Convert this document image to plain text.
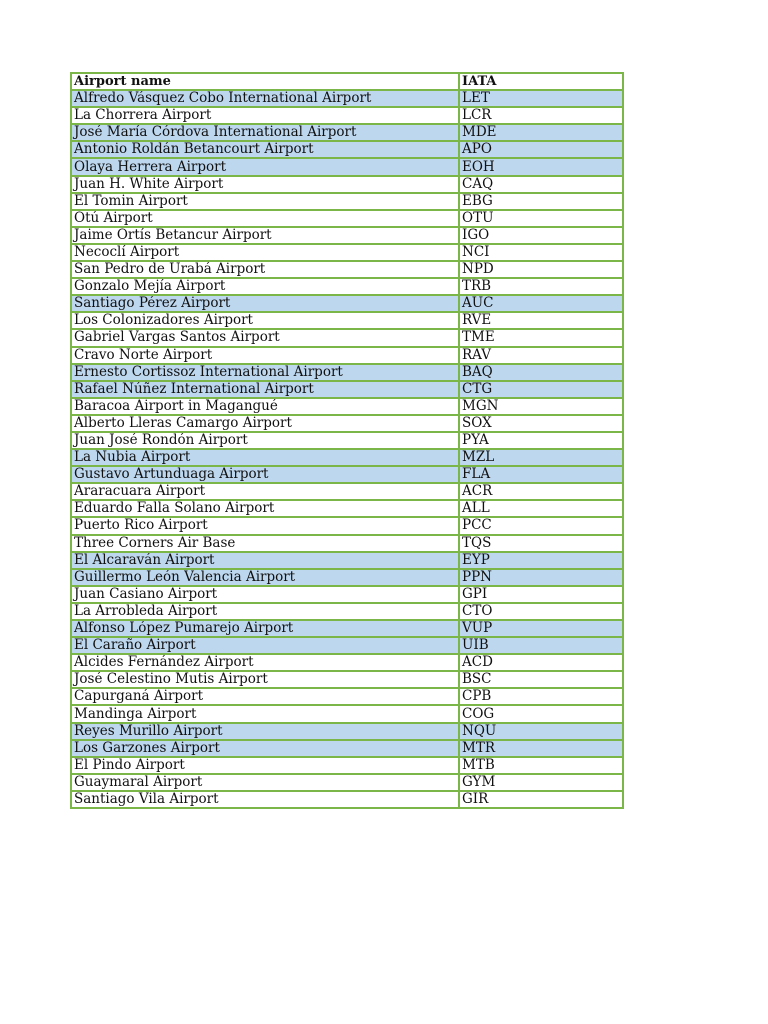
Airport name	IATA
Alfredo Vásquez Cobo International Airport	LET
La Chorrera Airport	LCR
José María Córdova International Airport	MDE
Antonio Roldán Betancourt Airport	APO
Olaya Herrera Airport	EOH
Juan H. White Airport	CAQ
El Tomin Airport	EBG
Otú Airport	OTU
Jaime Ortís Betancur Airport	IGO
Necoclí Airport	NCI
San Pedro de Urabá Airport	NPD
Gonzalo Mejía Airport	TRB
Santiago Pérez Airport	AUC
Los Colonizadores Airport	RVE
Gabriel Vargas Santos Airport	TME
Cravo Norte Airport	RAV
Ernesto Cortissoz International Airport	BAQ
Rafael Núñez International Airport	CTG
Baracoa Airport in Magangué	MGN
Alberto Lleras Camargo Airport	SOX
Juan José Rondón Airport	PYA
La Nubia Airport	MZL
Gustavo Artunduaga Airport	FLA
Araracuara Airport	ACR
Eduardo Falla Solano Airport	ALL
Puerto Rico Airport	PCC
Three Corners Air Base	TQS
El Alcaraván Airport	EYP
Guillermo León Valencia Airport	PPN
Juan Casiano Airport	GPI
La Arrobleda Airport	CTO
Alfonso López Pumarejo Airport	VUP
El Caraño Airport	UIB
Alcides Fernández Airport	ACD
José Celestino Mutis Airport	BSC
Capurganá Airport	CPB
Mandinga Airport	COG
Reyes Murillo Airport	NQU
Los Garzones Airport	MTR
El Pindo Airport	MTB
Guaymaral Airport	GYM
Santiago Vila Airport	GIR
